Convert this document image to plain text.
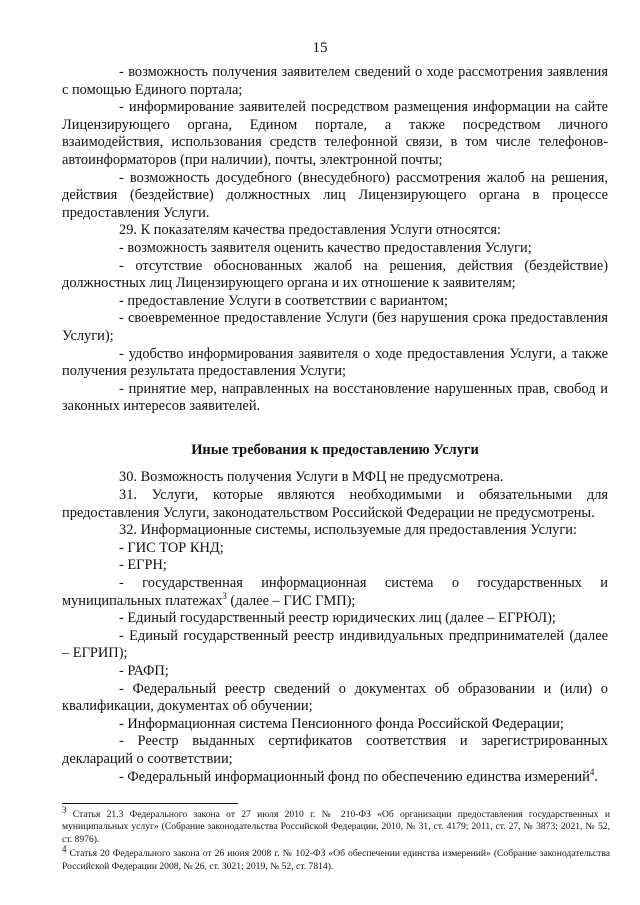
15

- возможность получения заявителем сведений о ходе рассмотрения заявления с помощью Единого портала;

- информирование заявителей посредством размещения информации на сайте Лицензирующего органа, Едином портале, а также посредством личного взаимодействия, использования средств телефонной связи, в том числе телефонов-автоинформаторов (при наличии), почты, электронной почты;

- возможность досудебного (внесудебного) рассмотрения жалоб на решения, действия (бездействие) должностных лиц Лицензирующего органа в процессе предоставления Услуги.

29. К показателям качества предоставления Услуги относятся:

- возможность заявителя оценить качество предоставления Услуги;

- отсутствие обоснованных жалоб на решения, действия (бездействие) должностных лиц Лицензирующего органа и их отношение к заявителям;

- предоставление Услуги в соответствии с вариантом;

- своевременное предоставление Услуги (без нарушения срока предоставления Услуги);

- удобство информирования заявителя о ходе предоставления Услуги, а также получения результата предоставления Услуги;

- принятие мер, направленных на восстановление нарушенных прав, свобод и законных интересов заявителей.

Иные требования к предоставлению Услуги

30. Возможность получения Услуги в МФЦ не предусмотрена.

31. Услуги, которые являются необходимыми и обязательными для предоставления Услуги, законодательством Российской Федерации не предусмотрены.

32. Информационные системы, используемые для предоставления Услуги:

- ГИС ТОР КНД;

- ЕГРН;

- государственная информационная система о государственных и муниципальных платежах$^3$ (далее – ГИС ГМП);

- Единый государственный реестр юридических лиц (далее – ЕГРЮЛ);

- Единый государственный реестр индивидуальных предпринимателей (далее – ЕГРИП);

- РАФП;

- Федеральный реестр сведений о документах об образовании и (или) о квалификации, документах об обучении;

- Информационная система Пенсионного фонда Российской Федерации;

- Реестр выданных сертификатов соответствия и зарегистрированных деклараций о соответствии;

- Федеральный информационный фонд по обеспечению единства измерений$^4$.

$^3$ Статья 21.3 Федерального закона от 27 июля 2010 г. № 210-ФЗ «Об организации предоставления государственных и муниципальных услуг» (Собрание законодательства Российской Федерации, 2010, № 31, ст. 4179; 2011, ст. 27, № 3873; 2021, № 52, ст. 8976).

$^4$ Статья 20 Федерального закона от 26 июня 2008 г. № 102-ФЗ «Об обеспечении единства измерений» (Собрание законодательства Российской Федерации 2008, № 26, ст. 3021; 2019, № 52, ст. 7814).
